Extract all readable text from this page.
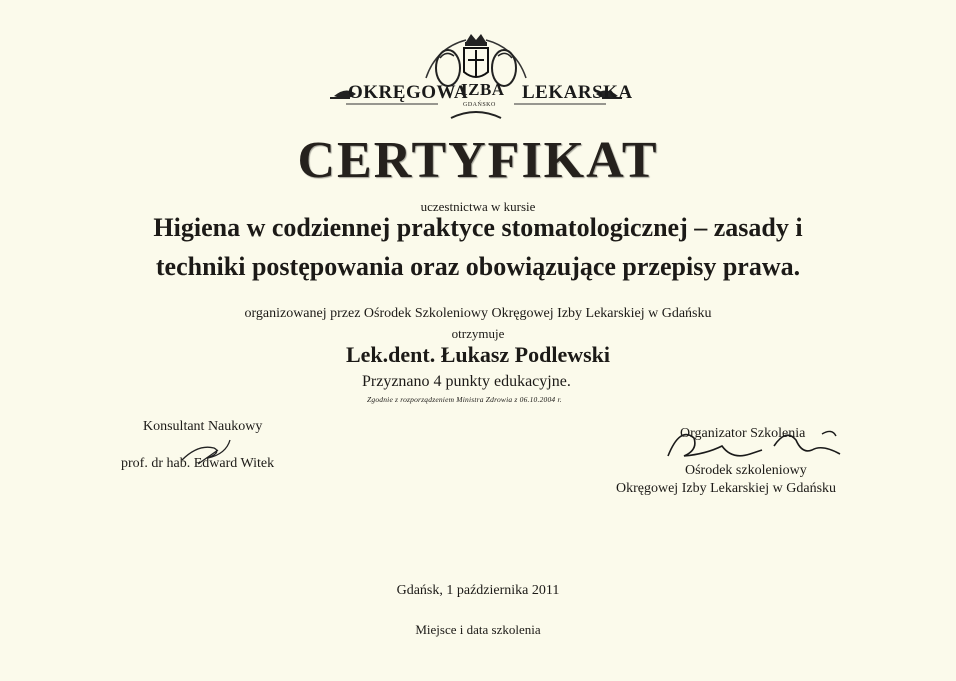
OKRĘGOWA
IZBA
GDAŃSKO
LEKARSKA
CERTYFIKAT
uczestnictwa w kursie
Higiena w codziennej praktyce stomatologicznej – zasady i
techniki postępowania oraz obowiązujące przepisy prawa.
organizowanej przez Ośrodek Szkoleniowy Okręgowej Izby Lekarskiej w Gdańsku
otrzymuje
Lek.dent. Łukasz Podlewski
Przyznano 4 punkty edukacyjne.
Zgodnie z rozporządzeniem Ministra Zdrowia z 06.10.2004 r.
Konsultant Naukowy
prof. dr hab. Edward Witek
Organizator Szkolenia
Ośrodek szkoleniowy
Okręgowej Izby Lekarskiej w Gdańsku
Gdańsk, 1 października 2011
Miejsce i data szkolenia
